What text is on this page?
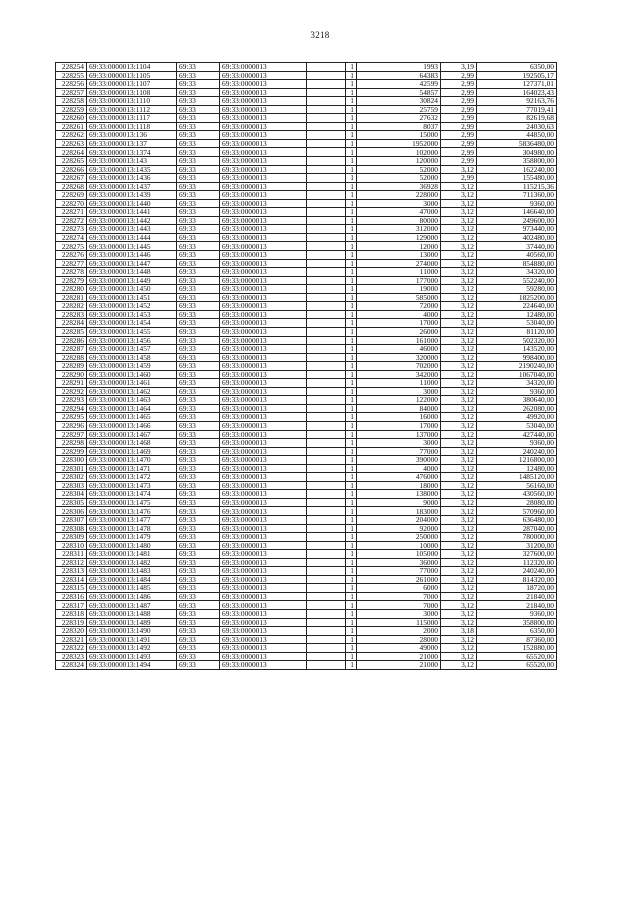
3218
228254	69:33:0000013:1104	69:33	69:33:0000013		1	1993	3,19	6350,00
228255	69:33:0000013:1105	69:33	69:33:0000013		1	64383	2,99	192505,17
228256	69:33:0000013:1107	69:33	69:33:0000013		1	42599	2,99	127371,01
228257	69:33:0000013:1108	69:33	69:33:0000013		1	54857	2,99	164023,43
228258	69:33:0000013:1110	69:33	69:33:0000013		1	30824	2,99	92163,76
228259	69:33:0000013:1112	69:33	69:33:0000013		1	25759	2,99	77019,41
228260	69:33:0000013:1117	69:33	69:33:0000013		1	27632	2,99	82619,68
228261	69:33:0000013:1118	69:33	69:33:0000013		1	8037	2,99	24030,63
228262	69:33:0000013:136	69:33	69:33:0000013		1	15000	2,99	44850,00
228263	69:33:0000013:137	69:33	69:33:0000013		1	1952000	2,99	5836480,00
228264	69:33:0000013:1374	69:33	69:33:0000013		1	102000	2,99	304980,00
228265	69:33:0000013:143	69:33	69:33:0000013		1	120000	2,99	358800,00
228266	69:33:0000013:1435	69:33	69:33:0000013		1	52000	3,12	162240,00
228267	69:33:0000013:1436	69:33	69:33:0000013		1	52000	2,99	155480,00
228268	69:33:0000013:1437	69:33	69:33:0000013		1	36928	3,12	115215,36
228269	69:33:0000013:1439	69:33	69:33:0000013		1	228000	3,12	711360,00
228270	69:33:0000013:1440	69:33	69:33:0000013		1	3000	3,12	9360,00
228271	69:33:0000013:1441	69:33	69:33:0000013		1	47000	3,12	146640,00
228272	69:33:0000013:1442	69:33	69:33:0000013		1	80000	3,12	249600,00
228273	69:33:0000013:1443	69:33	69:33:0000013		1	312000	3,12	973440,00
228274	69:33:0000013:1444	69:33	69:33:0000013		1	129000	3,12	402480,00
228275	69:33:0000013:1445	69:33	69:33:0000013		1	12000	3,12	37440,00
228276	69:33:0000013:1446	69:33	69:33:0000013		1	13000	3,12	40560,00
228277	69:33:0000013:1447	69:33	69:33:0000013		1	274000	3,12	854880,00
228278	69:33:0000013:1448	69:33	69:33:0000013		1	11000	3,12	34320,00
228279	69:33:0000013:1449	69:33	69:33:0000013		1	177000	3,12	552240,00
228280	69:33:0000013:1450	69:33	69:33:0000013		1	19000	3,12	59280,00
228281	69:33:0000013:1451	69:33	69:33:0000013		1	585000	3,12	1825200,00
228282	69:33:0000013:1452	69:33	69:33:0000013		1	72000	3,12	224640,00
228283	69:33:0000013:1453	69:33	69:33:0000013		1	4000	3,12	12480,00
228284	69:33:0000013:1454	69:33	69:33:0000013		1	17000	3,12	53040,00
228285	69:33:0000013:1455	69:33	69:33:0000013		1	26000	3,12	81120,00
228286	69:33:0000013:1456	69:33	69:33:0000013		1	161000	3,12	502320,00
228287	69:33:0000013:1457	69:33	69:33:0000013		1	46000	3,12	143520,00
228288	69:33:0000013:1458	69:33	69:33:0000013		1	320000	3,12	998400,00
228289	69:33:0000013:1459	69:33	69:33:0000013		1	702000	3,12	2190240,00
228290	69:33:0000013:1460	69:33	69:33:0000013		1	342000	3,12	1067040,00
228291	69:33:0000013:1461	69:33	69:33:0000013		1	11000	3,12	34320,00
228292	69:33:0000013:1462	69:33	69:33:0000013		1	3000	3,12	9360,00
228293	69:33:0000013:1463	69:33	69:33:0000013		1	122000	3,12	380640,00
228294	69:33:0000013:1464	69:33	69:33:0000013		1	84000	3,12	262080,00
228295	69:33:0000013:1465	69:33	69:33:0000013		1	16000	3,12	49920,00
228296	69:33:0000013:1466	69:33	69:33:0000013		1	17000	3,12	53040,00
228297	69:33:0000013:1467	69:33	69:33:0000013		1	137000	3,12	427440,00
228298	69:33:0000013:1468	69:33	69:33:0000013		1	3000	3,12	9360,00
228299	69:33:0000013:1469	69:33	69:33:0000013		1	77000	3,12	240240,00
228300	69:33:0000013:1470	69:33	69:33:0000013		1	390000	3,12	1216800,00
228301	69:33:0000013:1471	69:33	69:33:0000013		1	4000	3,12	12480,00
228302	69:33:0000013:1472	69:33	69:33:0000013		1	476000	3,12	1485120,00
228303	69:33:0000013:1473	69:33	69:33:0000013		1	18000	3,12	56160,00
228304	69:33:0000013:1474	69:33	69:33:0000013		1	138000	3,12	430560,00
228305	69:33:0000013:1475	69:33	69:33:0000013		1	9000	3,12	28080,00
228306	69:33:0000013:1476	69:33	69:33:0000013		1	183000	3,12	570960,00
228307	69:33:0000013:1477	69:33	69:33:0000013		1	204000	3,12	636480,00
228308	69:33:0000013:1478	69:33	69:33:0000013		1	92000	3,12	287040,00
228309	69:33:0000013:1479	69:33	69:33:0000013		1	250000	3,12	780000,00
228310	69:33:0000013:1480	69:33	69:33:0000013		1	10000	3,12	31200,00
228311	69:33:0000013:1481	69:33	69:33:0000013		1	105000	3,12	327600,00
228312	69:33:0000013:1482	69:33	69:33:0000013		1	36000	3,12	112320,00
228313	69:33:0000013:1483	69:33	69:33:0000013		1	77000	3,12	240240,00
228314	69:33:0000013:1484	69:33	69:33:0000013		1	261000	3,12	814320,00
228315	69:33:0000013:1485	69:33	69:33:0000013		1	6000	3,12	18720,00
228316	69:33:0000013:1486	69:33	69:33:0000013		1	7000	3,12	21840,00
228317	69:33:0000013:1487	69:33	69:33:0000013		1	7000	3,12	21840,00
228318	69:33:0000013:1488	69:33	69:33:0000013		1	3000	3,12	9360,00
228319	69:33:0000013:1489	69:33	69:33:0000013		1	115000	3,12	358800,00
228320	69:33:0000013:1490	69:33	69:33:0000013		1	2000	3,18	6350,00
228321	69:33:0000013:1491	69:33	69:33:0000013		1	28000	3,12	87360,00
228322	69:33:0000013:1492	69:33	69:33:0000013		1	49000	3,12	152880,00
228323	69:33:0000013:1493	69:33	69:33:0000013		1	21000	3,12	65520,00
228324	69:33:0000013:1494	69:33	69:33:0000013		1	21000	3,12	65520,00
